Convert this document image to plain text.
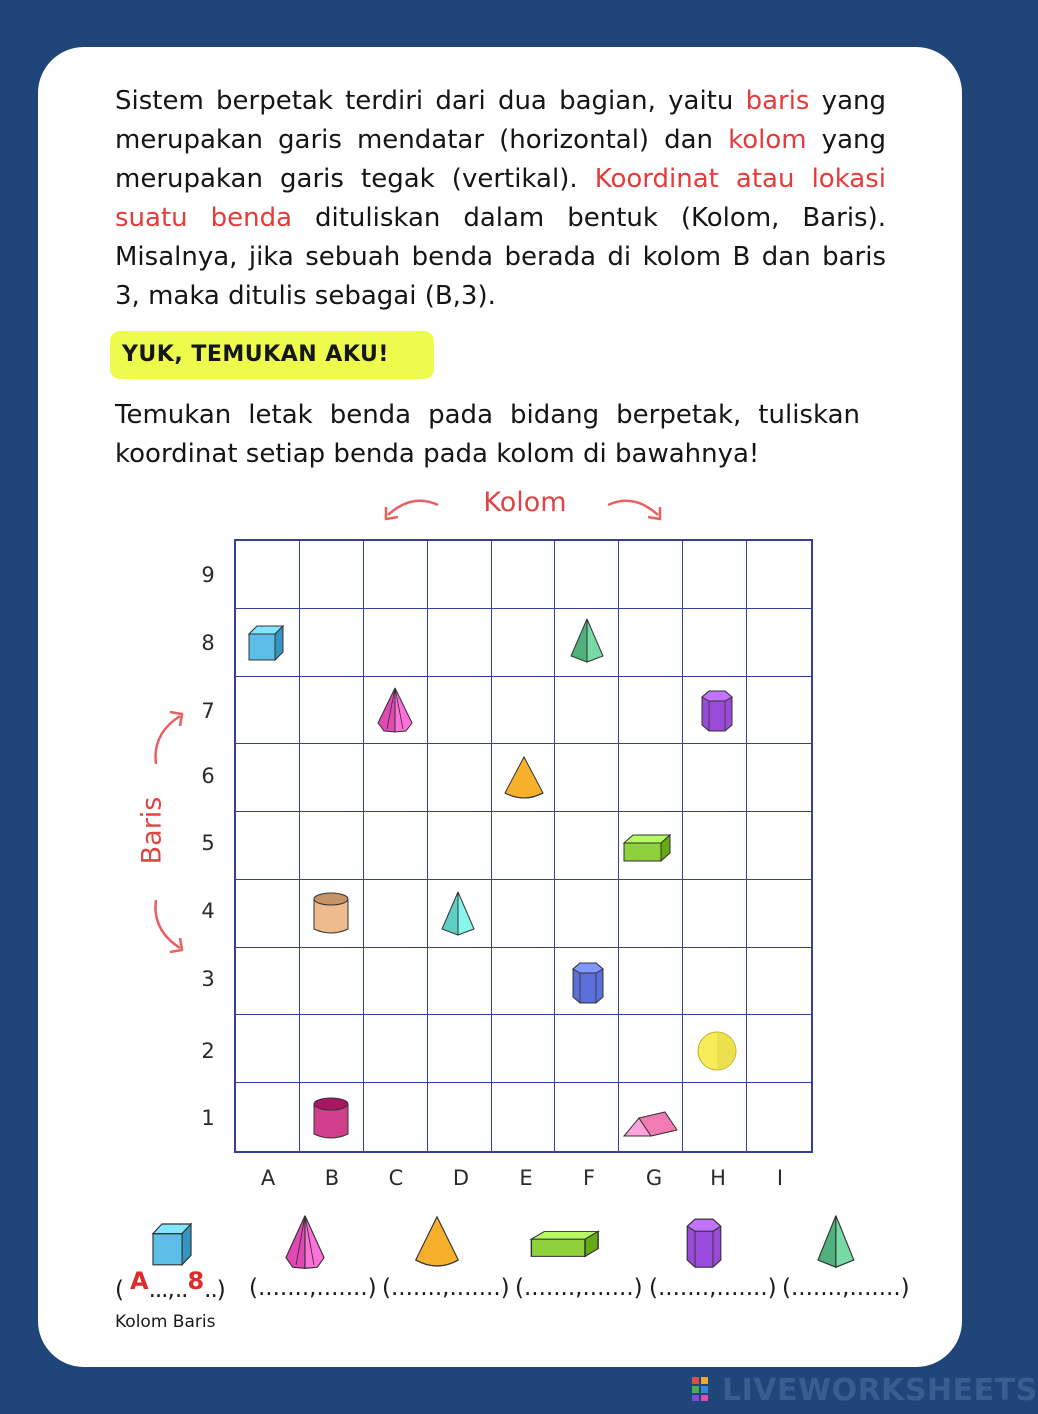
Sistem berpetak terdiri dari dua bagian, yaitu baris yang merupakan garis mendatar (horizontal) dan kolom yang merupakan garis tegak (vertikal). Koordinat atau lokasi suatu benda dituliskan dalam bentuk (Kolom, Baris). Misalnya, jika sebuah benda berada di kolom B dan baris 3, maka ditulis sebagai (B,3).

YUK, TEMUKAN AKU!

Temukan letak benda pada bidang berpetak, tuliskan koordinat setiap benda pada kolom di bawahnya!

Kolom
Baris
9
8
7
6
5
4
3
2
1
A	B	C	D	E	F	G	H	I
( A...,..8..) (.......,.......) (.......,.......) (.......,.......) (.......,.......) (.......,.......)
Kolom Baris
LIVEWORKSHEETS
